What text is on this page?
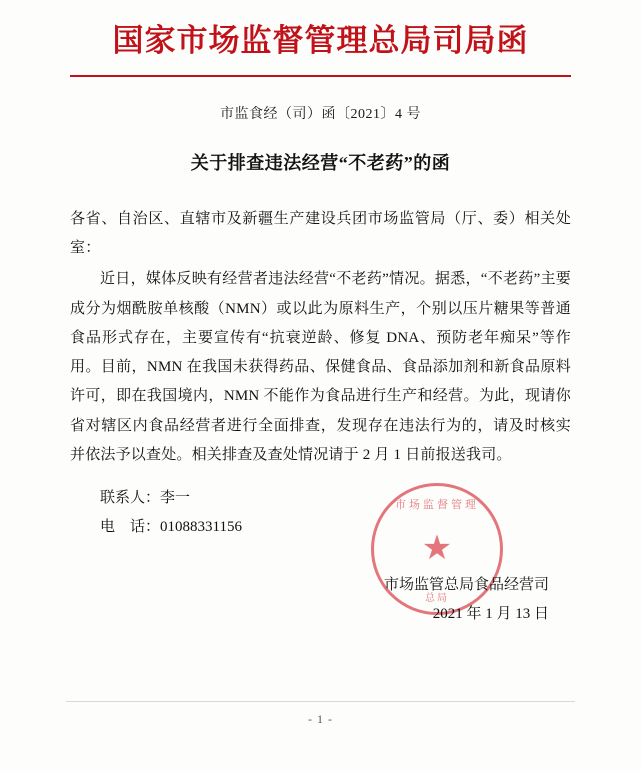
国家市场监督管理总局司局函
市监食经（司）函〔2021〕4 号
关于排查违法经营“不老药”的函
各省、自治区、直辖市及新疆生产建设兵团市场监管局（厅、委）相关处室：
近日，媒体反映有经营者违法经营“不老药”情况。据悉，“不老药”主要成分为烟酰胺单核酸（NMN）或以此为原料生产，个别以压片糖果等普通食品形式存在，主要宣传有“抗衰逆龄、修复 DNA、预防老年痴呆”等作用。目前，NMN 在我国未获得药品、保健食品、食品添加剂和新食品原料许可，即在我国境内，NMN 不能作为食品进行生产和经营。为此，现请你省对辖区内食品经营者进行全面排查，发现存在违法行为的，请及时核实并依法予以查处。相关排查及查处情况请于 2 月 1 日前报送我司。
联系人：李一
电　话：01088331156
市场监督管理
★
总局
市场监管总局食品经营司
2021 年 1 月 13 日
- 1 -
